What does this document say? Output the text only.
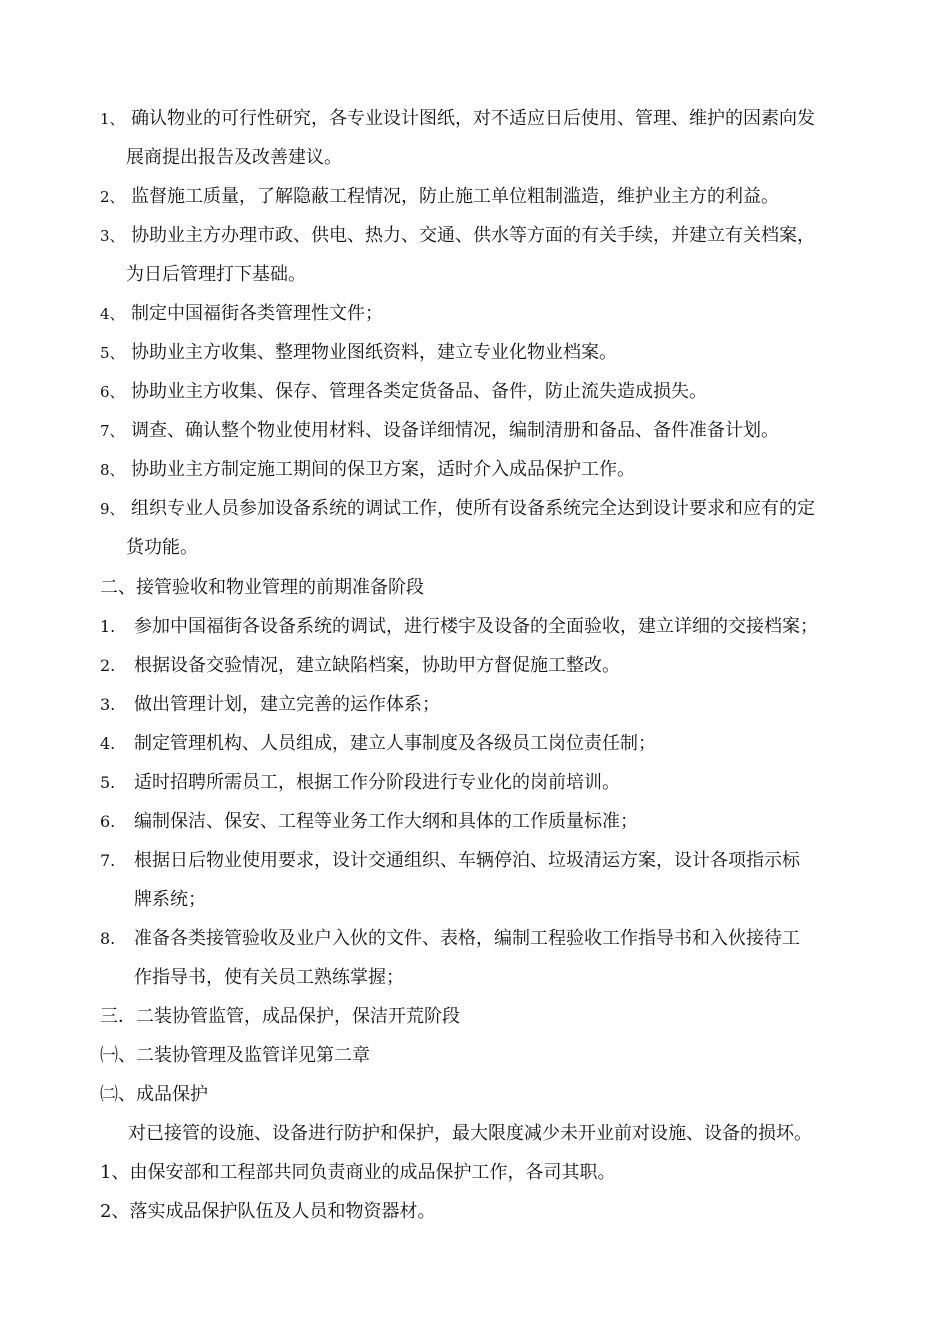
1、 确认物业的可行性研究，各专业设计图纸，对不适应日后使用、管理、维护的因素向发
展商提出报告及改善建议。
2、 监督施工质量，了解隐蔽工程情况，防止施工单位粗制滥造，维护业主方的利益。
3、 协助业主方办理市政、供电、热力、交通、供水等方面的有关手续，并建立有关档案，
为日后管理打下基础。
4、 制定中国福街各类管理性文件；
5、 协助业主方收集、整理物业图纸资料，建立专业化物业档案。
6、 协助业主方收集、保存、管理各类定货备品、备件，防止流失造成损失。
7、 调查、确认整个物业使用材料、设备详细情况，编制清册和备品、备件准备计划。
8、 协助业主方制定施工期间的保卫方案，适时介入成品保护工作。
9、 组织专业人员参加设备系统的调试工作，使所有设备系统完全达到设计要求和应有的定
货功能。
二、接管验收和物业管理的前期准备阶段
1. 参加中国福街各设备系统的调试，进行楼宇及设备的全面验收，建立详细的交接档案；
2. 根据设备交验情况，建立缺陷档案，协助甲方督促施工整改。
3. 做出管理计划，建立完善的运作体系；
4. 制定管理机构、人员组成，建立人事制度及各级员工岗位责任制；
5. 适时招聘所需员工，根据工作分阶段进行专业化的岗前培训。
6. 编制保洁、保安、工程等业务工作大纲和具体的工作质量标准；
7. 根据日后物业使用要求，设计交通组织、车辆停泊、垃圾清运方案，设计各项指示标
牌系统；
8. 准备各类接管验收及业户入伙的文件、表格，编制工程验收工作指导书和入伙接待工
作指导书，使有关员工熟练掌握；
三．二装协管监管，成品保护，保洁开荒阶段
㈠、二装协管理及监管详见第二章
㈡、成品保护
对已接管的设施、设备进行防护和保护，最大限度减少未开业前对设施、设备的损坏。
1、由保安部和工程部共同负责商业的成品保护工作，各司其职。
2、落实成品保护队伍及人员和物资器材。
